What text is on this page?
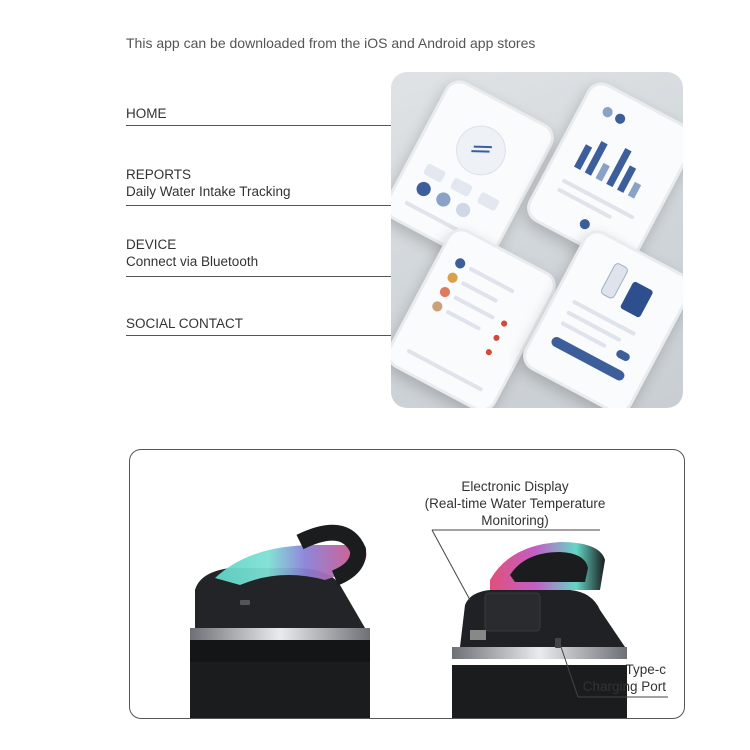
This app can be downloaded from the iOS and Android app stores
HOME
REPORTS
Daily Water Intake Tracking
DEVICE
Connect via Bluetooth
SOCIAL CONTACT
Electronic Display
(Real-time Water Temperature
Monitoring)
Type-c
Charging Port
